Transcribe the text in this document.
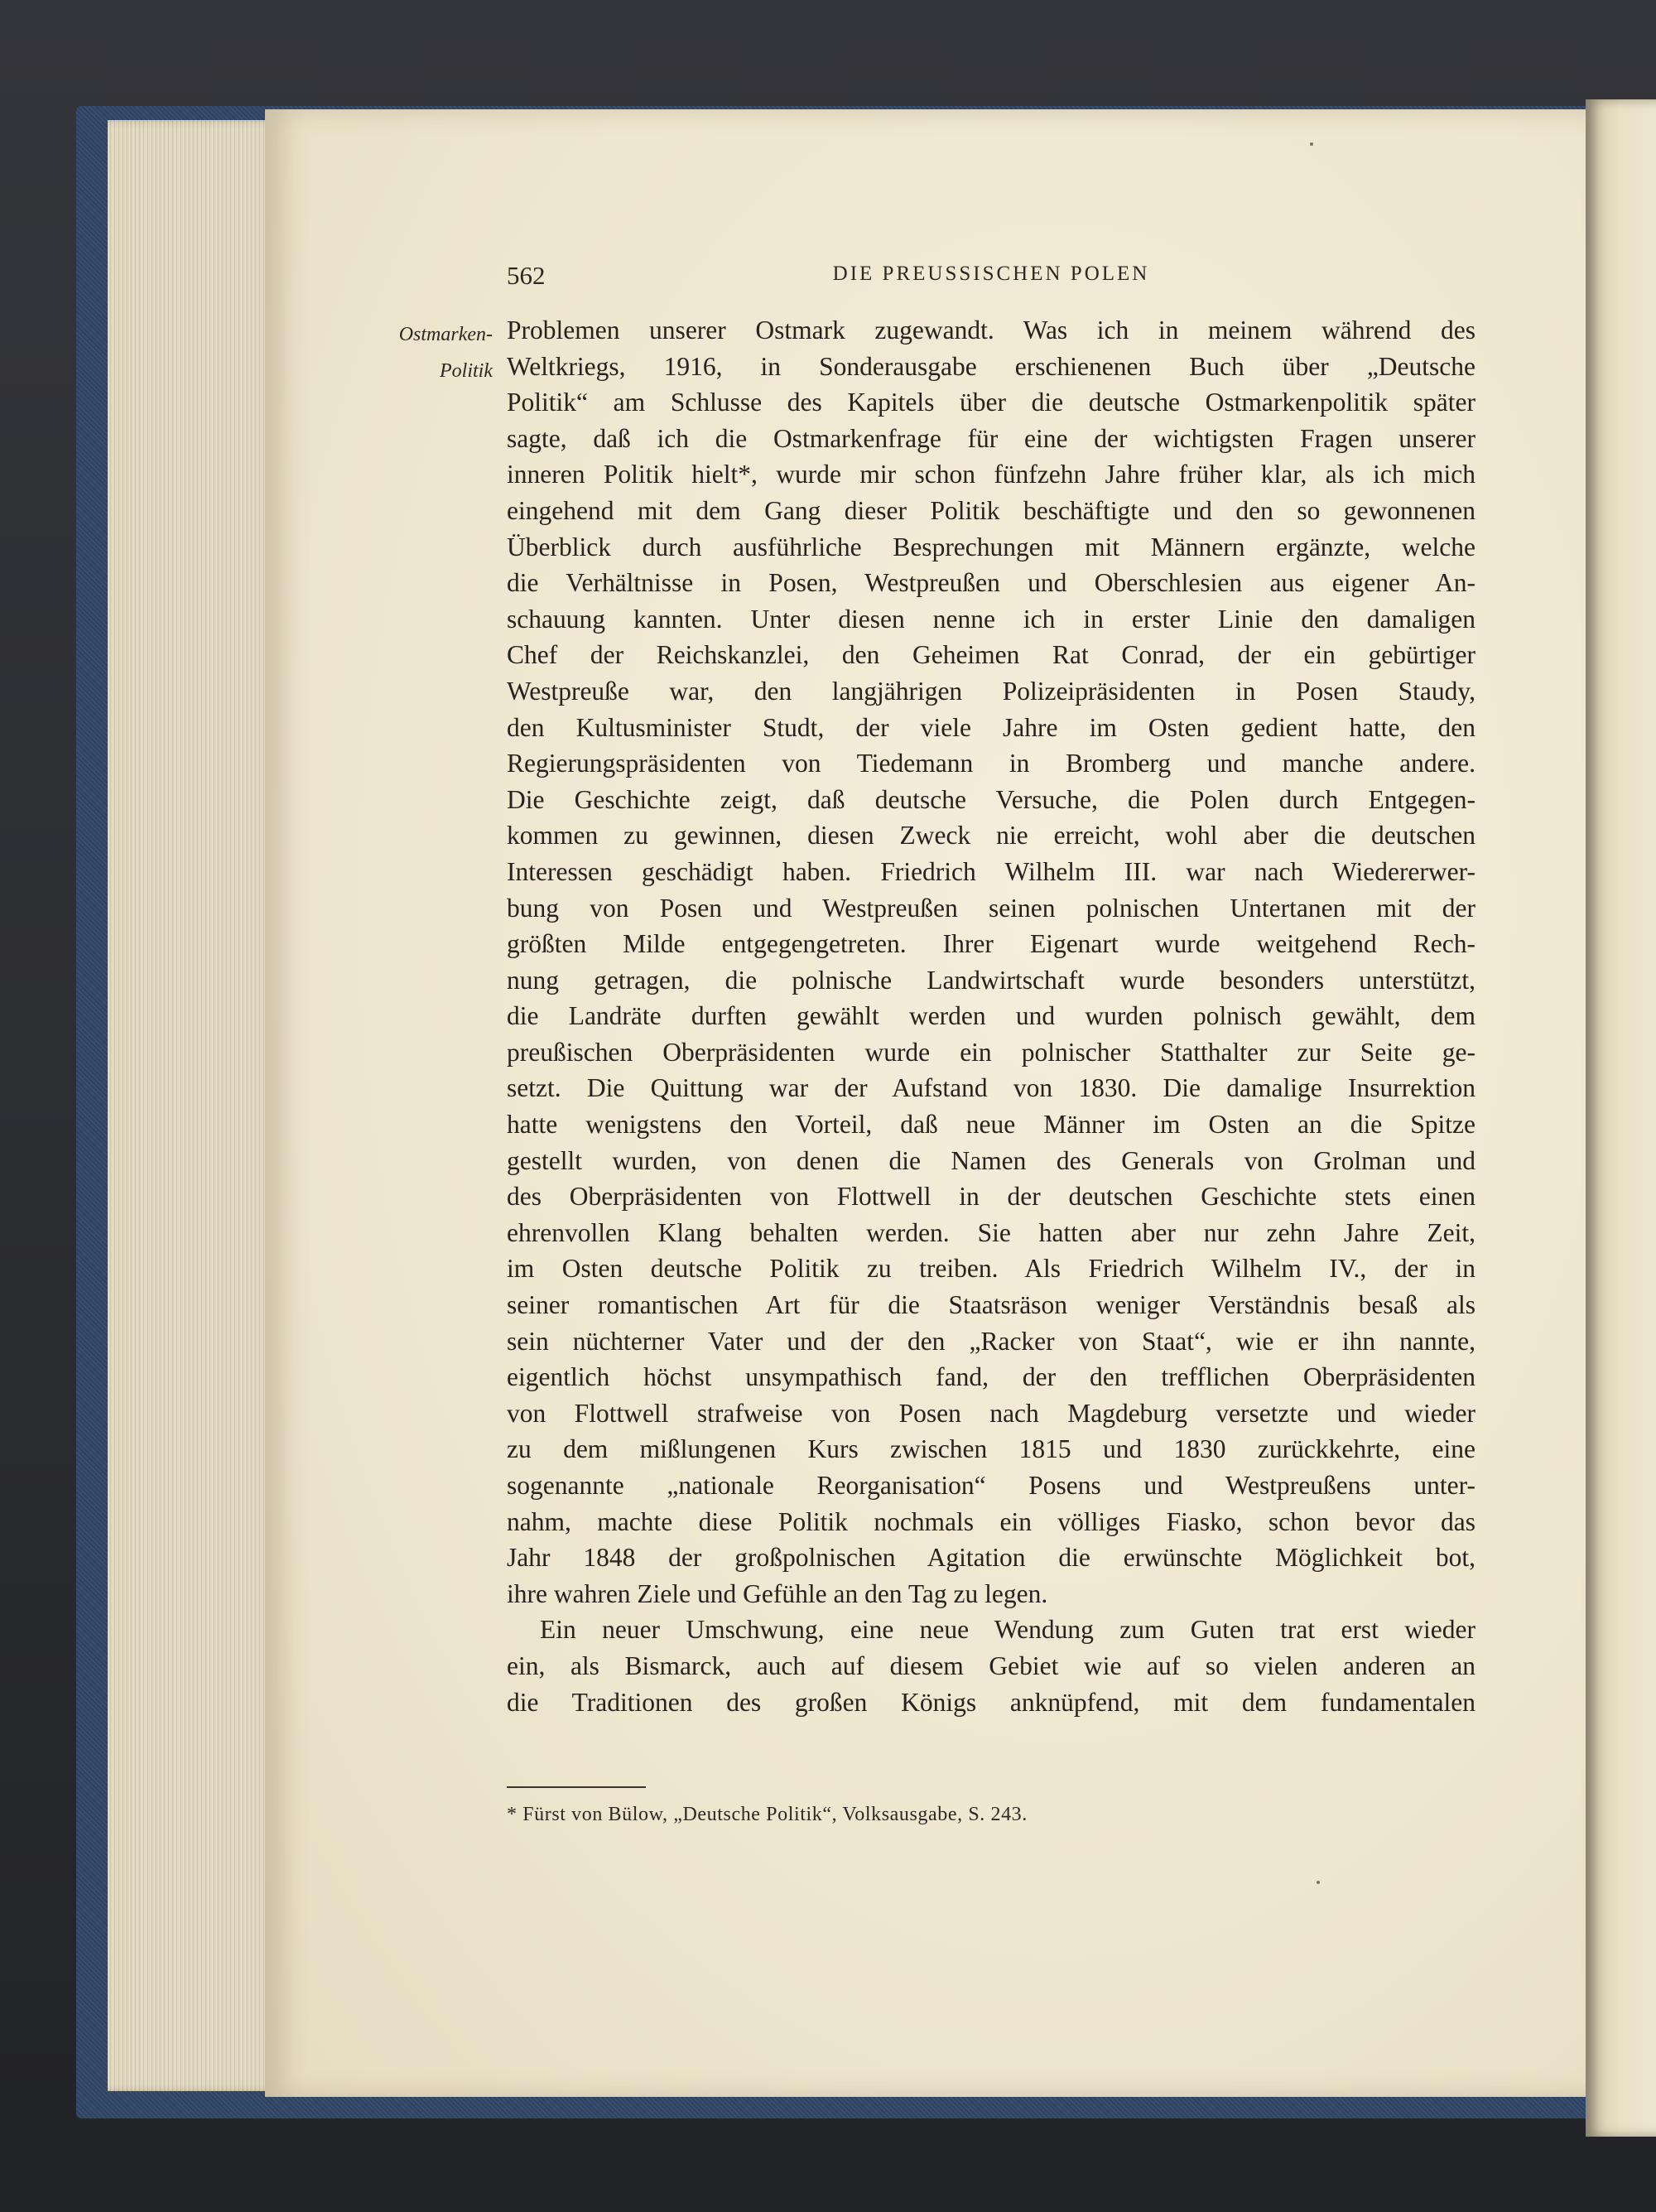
562	DIE PREUSSISCHEN POLEN
Ostmarken-
Politik
Problemen unserer Ostmark zugewandt. Was ich in meinem während des
Weltkriegs, 1916, in Sonderausgabe erschienenen Buch über „Deutsche
Politik“ am Schlusse des Kapitels über die deutsche Ostmarkenpolitik später
sagte, daß ich die Ostmarkenfrage für eine der wichtigsten Fragen unserer
inneren Politik hielt*, wurde mir schon fünfzehn Jahre früher klar, als ich mich
eingehend mit dem Gang dieser Politik beschäftigte und den so gewonnenen
Überblick durch ausführliche Besprechungen mit Männern ergänzte, welche
die Verhältnisse in Posen, Westpreußen und Oberschlesien aus eigener An-
schauung kannten. Unter diesen nenne ich in erster Linie den damaligen
Chef der Reichskanzlei, den Geheimen Rat Conrad, der ein gebürtiger
Westpreuße war, den langjährigen Polizeipräsidenten in Posen Staudy,
den Kultusminister Studt, der viele Jahre im Osten gedient hatte, den
Regierungspräsidenten von Tiedemann in Bromberg und manche andere.
Die Geschichte zeigt, daß deutsche Versuche, die Polen durch Entgegen-
kommen zu gewinnen, diesen Zweck nie erreicht, wohl aber die deutschen
Interessen geschädigt haben. Friedrich Wilhelm III. war nach Wiedererwer-
bung von Posen und Westpreußen seinen polnischen Untertanen mit der
größten Milde entgegengetreten. Ihrer Eigenart wurde weitgehend Rech-
nung getragen, die polnische Landwirtschaft wurde besonders unterstützt,
die Landräte durften gewählt werden und wurden polnisch gewählt, dem
preußischen Oberpräsidenten wurde ein polnischer Statthalter zur Seite ge-
setzt. Die Quittung war der Aufstand von 1830. Die damalige Insurrektion
hatte wenigstens den Vorteil, daß neue Männer im Osten an die Spitze
gestellt wurden, von denen die Namen des Generals von Grolman und
des Oberpräsidenten von Flottwell in der deutschen Geschichte stets einen
ehrenvollen Klang behalten werden. Sie hatten aber nur zehn Jahre Zeit,
im Osten deutsche Politik zu treiben. Als Friedrich Wilhelm IV., der in
seiner romantischen Art für die Staatsräson weniger Verständnis besaß als
sein nüchterner Vater und der den „Racker von Staat“, wie er ihn nannte,
eigentlich höchst unsympathisch fand, der den trefflichen Oberpräsidenten
von Flottwell strafweise von Posen nach Magdeburg versetzte und wieder
zu dem mißlungenen Kurs zwischen 1815 und 1830 zurückkehrte, eine
sogenannte „nationale Reorganisation“ Posens und Westpreußens unter-
nahm, machte diese Politik nochmals ein völliges Fiasko, schon bevor das
Jahr 1848 der großpolnischen Agitation die erwünschte Möglichkeit bot,
ihre wahren Ziele und Gefühle an den Tag zu legen.
Ein neuer Umschwung, eine neue Wendung zum Guten trat erst wieder
ein, als Bismarck, auch auf diesem Gebiet wie auf so vielen anderen an
die Traditionen des großen Königs anknüpfend, mit dem fundamentalen
* Fürst von Bülow, „Deutsche Politik“, Volksausgabe, S. 243.
